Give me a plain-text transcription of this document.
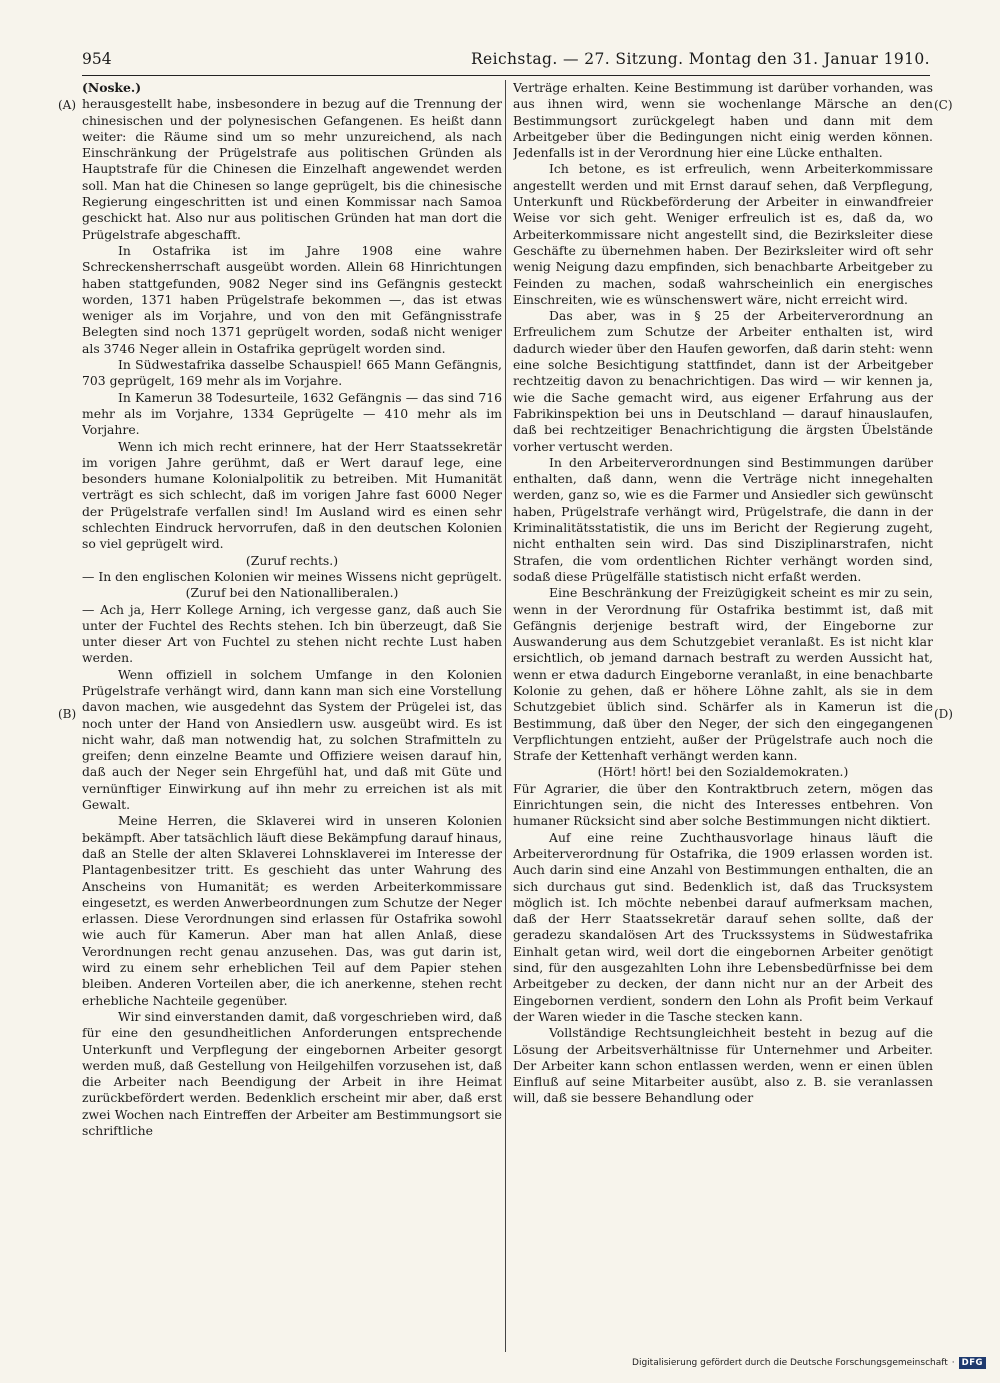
954	Reichstag. — 27. Sitzung. Montag den 31. Januar 1910.
(A)
(B)
(C)
(D)

(Noske.)

herausgestellt habe, insbesondere in bezug auf die Trennung der chinesischen und der polynesischen Gefangenen. Es heißt dann weiter: die Räume sind um so mehr unzureichend, als nach Einschränkung der Prügelstrafe aus politischen Gründen als Hauptstrafe für die Chinesen die Einzelhaft angewendet werden soll. Man hat die Chinesen so lange geprügelt, bis die chinesische Regierung eingeschritten ist und einen Kommissar nach Samoa geschickt hat. Also nur aus politischen Gründen hat man dort die Prügelstrafe abgeschafft.

In Ostafrika ist im Jahre 1908 eine wahre Schreckensherrschaft ausgeübt worden. Allein 68 Hinrichtungen haben stattgefunden, 9082 Neger sind ins Gefängnis gesteckt worden, 1371 haben Prügelstrafe bekommen —, das ist etwas weniger als im Vorjahre, und von den mit Gefängnisstrafe Belegten sind noch 1371 geprügelt worden, sodaß nicht weniger als 3746 Neger allein in Ostafrika geprügelt worden sind.

In Südwestafrika dasselbe Schauspiel! 665 Mann Gefängnis, 703 geprügelt, 169 mehr als im Vorjahre.

In Kamerun 38 Todesurteile, 1632 Gefängnis — das sind 716 mehr als im Vorjahre, 1334 Geprügelte — 410 mehr als im Vorjahre.

Wenn ich mich recht erinnere, hat der Herr Staatssekretär im vorigen Jahre gerühmt, daß er Wert darauf lege, eine besonders humane Kolonialpolitik zu betreiben. Mit Humanität verträgt es sich schlecht, daß im vorigen Jahre fast 6000 Neger der Prügelstrafe verfallen sind! Im Ausland wird es einen sehr schlechten Eindruck hervorrufen, daß in den deutschen Kolonien so viel geprügelt wird.

(Zuruf rechts.)

— In den englischen Kolonien wir meines Wissens nicht geprügelt.

(Zuruf bei den Nationalliberalen.)

— Ach ja, Herr Kollege Arning, ich vergesse ganz, daß auch Sie unter der Fuchtel des Rechts stehen. Ich bin überzeugt, daß Sie unter dieser Art von Fuchtel zu stehen nicht rechte Lust haben werden.

Wenn offiziell in solchem Umfange in den Kolonien Prügelstrafe verhängt wird, dann kann man sich eine Vorstellung davon machen, wie ausgedehnt das System der Prügelei ist, das noch unter der Hand von Ansiedlern usw. ausgeübt wird. Es ist nicht wahr, daß man notwendig hat, zu solchen Strafmitteln zu greifen; denn einzelne Beamte und Offiziere weisen darauf hin, daß auch der Neger sein Ehrgefühl hat, und daß mit Güte und vernünftiger Einwirkung auf ihn mehr zu erreichen ist als mit Gewalt.

Meine Herren, die Sklaverei wird in unseren Kolonien bekämpft. Aber tatsächlich läuft diese Bekämpfung darauf hinaus, daß an Stelle der alten Sklaverei Lohnsklaverei im Interesse der Plantagenbesitzer tritt. Es geschieht das unter Wahrung des Anscheins von Humanität; es werden Arbeiterkommissare eingesetzt, es werden Anwerbeordnungen zum Schutze der Neger erlassen. Diese Verordnungen sind erlassen für Ostafrika sowohl wie auch für Kamerun. Aber man hat allen Anlaß, diese Verordnungen recht genau anzusehen. Das, was gut darin ist, wird zu einem sehr erheblichen Teil auf dem Papier stehen bleiben. Anderen Vorteilen aber, die ich anerkenne, stehen recht erhebliche Nachteile gegenüber.

Wir sind einverstanden damit, daß vorgeschrieben wird, daß für eine den gesundheitlichen Anforderungen entsprechende Unterkunft und Verpflegung der eingebornen Arbeiter gesorgt werden muß, daß Gestellung von Heilgehilfen vorzusehen ist, daß die Arbeiter nach Beendigung der Arbeit in ihre Heimat zurückbefördert werden. Bedenklich erscheint mir aber, daß erst zwei Wochen nach Eintreffen der Arbeiter am Bestimmungsort sie schriftliche

Verträge erhalten. Keine Bestimmung ist darüber vorhanden, was aus ihnen wird, wenn sie wochenlange Märsche an den Bestimmungsort zurückgelegt haben und dann mit dem Arbeitgeber über die Bedingungen nicht einig werden können. Jedenfalls ist in der Verordnung hier eine Lücke enthalten.

Ich betone, es ist erfreulich, wenn Arbeiterkommissare angestellt werden und mit Ernst darauf sehen, daß Verpflegung, Unterkunft und Rückbeförderung der Arbeiter in einwandfreier Weise vor sich geht. Weniger erfreulich ist es, daß da, wo Arbeiterkommissare nicht angestellt sind, die Bezirksleiter diese Geschäfte zu übernehmen haben. Der Bezirksleiter wird oft sehr wenig Neigung dazu empfinden, sich benachbarte Arbeitgeber zu Feinden zu machen, sodaß wahrscheinlich ein energisches Einschreiten, wie es wünschenswert wäre, nicht erreicht wird.

Das aber, was in § 25 der Arbeiterverordnung an Erfreulichem zum Schutze der Arbeiter enthalten ist, wird dadurch wieder über den Haufen geworfen, daß darin steht: wenn eine solche Besichtigung stattfindet, dann ist der Arbeitgeber rechtzeitig davon zu benachrichtigen. Das wird — wir kennen ja, wie die Sache gemacht wird, aus eigener Erfahrung aus der Fabrikinspektion bei uns in Deutschland — darauf hinauslaufen, daß bei rechtzeitiger Benachrichtigung die ärgsten Übelstände vorher vertuscht werden.

In den Arbeiterverordnungen sind Bestimmungen darüber enthalten, daß dann, wenn die Verträge nicht innegehalten werden, ganz so, wie es die Farmer und Ansiedler sich gewünscht haben, Prügelstrafe verhängt wird, Prügelstrafe, die dann in der Kriminalitätsstatistik, die uns im Bericht der Regierung zugeht, nicht enthalten sein wird. Das sind Disziplinarstrafen, nicht Strafen, die vom ordentlichen Richter verhängt worden sind, sodaß diese Prügelfälle statistisch nicht erfaßt werden.

Eine Beschränkung der Freizügigkeit scheint es mir zu sein, wenn in der Verordnung für Ostafrika bestimmt ist, daß mit Gefängnis derjenige bestraft wird, der Eingeborne zur Auswanderung aus dem Schutzgebiet veranlaßt. Es ist nicht klar ersichtlich, ob jemand darnach bestraft zu werden Aussicht hat, wenn er etwa dadurch Eingeborne veranlaßt, in eine benachbarte Kolonie zu gehen, daß er höhere Löhne zahlt, als sie in dem Schutzgebiet üblich sind. Schärfer als in Kamerun ist die Bestimmung, daß über den Neger, der sich den eingegangenen Verpflichtungen entzieht, außer der Prügelstrafe auch noch die Strafe der Kettenhaft verhängt werden kann.

(Hört! hört! bei den Sozialdemokraten.)

Für Agrarier, die über den Kontraktbruch zetern, mögen das Einrichtungen sein, die nicht des Interesses entbehren. Von humaner Rücksicht sind aber solche Bestimmungen nicht diktiert.

Auf eine reine Zuchthausvorlage hinaus läuft die Arbeiterverordnung für Ostafrika, die 1909 erlassen worden ist. Auch darin sind eine Anzahl von Bestimmungen enthalten, die an sich durchaus gut sind. Bedenklich ist, daß das Trucksystem möglich ist. Ich möchte nebenbei darauf aufmerksam machen, daß der Herr Staatssekretär darauf sehen sollte, daß der geradezu skandalösen Art des Truckssystems in Südwestafrika Einhalt getan wird, weil dort die eingebornen Arbeiter genötigt sind, für den ausgezahlten Lohn ihre Lebensbedürfnisse bei dem Arbeitgeber zu decken, der dann nicht nur an der Arbeit des Eingebornen verdient, sondern den Lohn als Profit beim Verkauf der Waren wieder in die Tasche stecken kann.

Vollständige Rechtsungleichheit besteht in bezug auf die Lösung der Arbeitsverhältnisse für Unternehmer und Arbeiter. Der Arbeiter kann schon entlassen werden, wenn er einen üblen Einfluß auf seine Mitarbeiter ausübt, also z. B. sie veranlassen will, daß sie bessere Behandlung oder

Digitalisierung gefördert durch die Deutsche Forschungsgemeinschaft · DFG
